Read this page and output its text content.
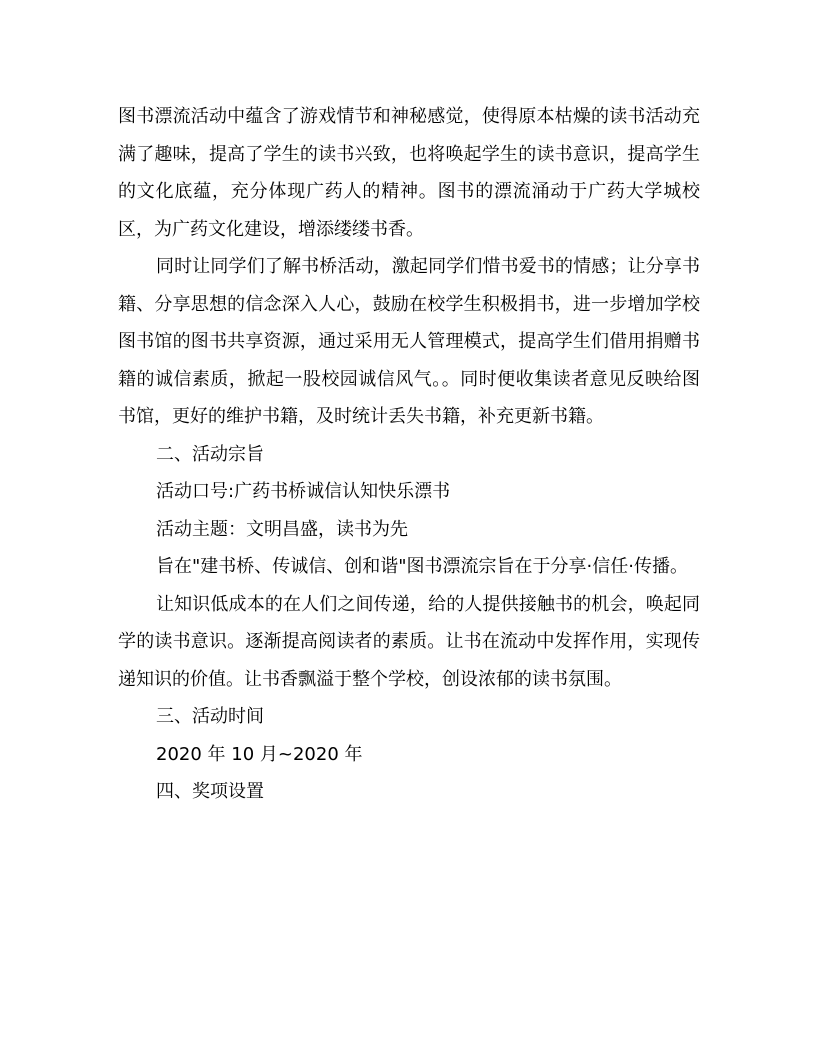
图书漂流活动中蕴含了游戏情节和神秘感觉，使得原本枯燥的读书活动充满了趣味，提高了学生的读书兴致，也将唤起学生的读书意识，提高学生的文化底蕴，充分体现广药人的精神。图书的漂流涌动于广药大学城校区，为广药文化建设，增添缕缕书香。

同时让同学们了解书桥活动，激起同学们惜书爱书的情感；让分享书籍、分享思想的信念深入人心，鼓励在校学生积极捐书，进一步增加学校图书馆的图书共享资源，通过采用无人管理模式，提高学生们借用捐赠书籍的诚信素质，掀起一股校园诚信风气。。同时便收集读者意见反映给图书馆，更好的维护书籍，及时统计丢失书籍，补充更新书籍。

二、活动宗旨

活动口号:广药书桥诚信认知快乐漂书

活动主题：文明昌盛，读书为先

旨在"建书桥、传诚信、创和谐"图书漂流宗旨在于分享·信任·传播。

让知识低成本的在人们之间传递，给的人提供接触书的机会，唤起同学的读书意识。逐渐提高阅读者的素质。让书在流动中发挥作用，实现传递知识的价值。让书香飘溢于整个学校，创设浓郁的读书氛围。

三、活动时间

2020 年 10 月~2020 年

四、奖项设置
